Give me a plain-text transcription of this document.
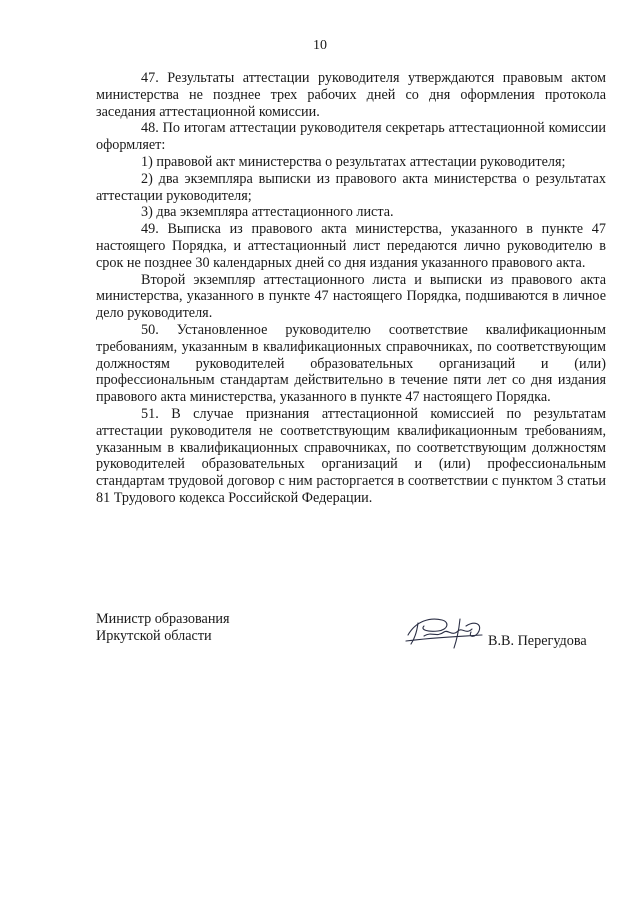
10

47. Результаты аттестации руководителя утверждаются правовым актом министерства не позднее трех рабочих дней со дня оформления протокола заседания аттестационной комиссии.

48. По итогам аттестации руководителя секретарь аттестационной комиссии оформляет:

1) правовой акт министерства о результатах аттестации руководителя;

2) два экземпляра выписки из правового акта министерства о результатах аттестации руководителя;

3) два экземпляра аттестационного листа.

49. Выписка из правового акта министерства, указанного в пункте 47 настоящего Порядка, и аттестационный лист передаются лично руководителю в срок не позднее 30 календарных дней со дня издания указанного правового акта.

Второй экземпляр аттестационного листа и выписки из правового акта министерства, указанного в пункте 47 настоящего Порядка, подшиваются в личное дело руководителя.

50. Установленное руководителю соответствие квалификационным требованиям, указанным в квалификационных справочниках, по соответствующим должностям руководителей образовательных организаций и (или) профессиональным стандартам действительно в течение пяти лет со дня издания правового акта министерства, указанного в пункте 47 настоящего Порядка.

51. В случае признания аттестационной комиссией по результатам аттестации руководителя не соответствующим квалификационным требованиям, указанным в квалификационных справочниках, по соответствующим должностям руководителей образовательных организаций и (или) профессиональным стандартам трудовой договор с ним расторгается в соответствии с пунктом 3 статьи 81 Трудового кодекса Российской Федерации.

Министр образования
Иркутской области	В.В. Перегудова
